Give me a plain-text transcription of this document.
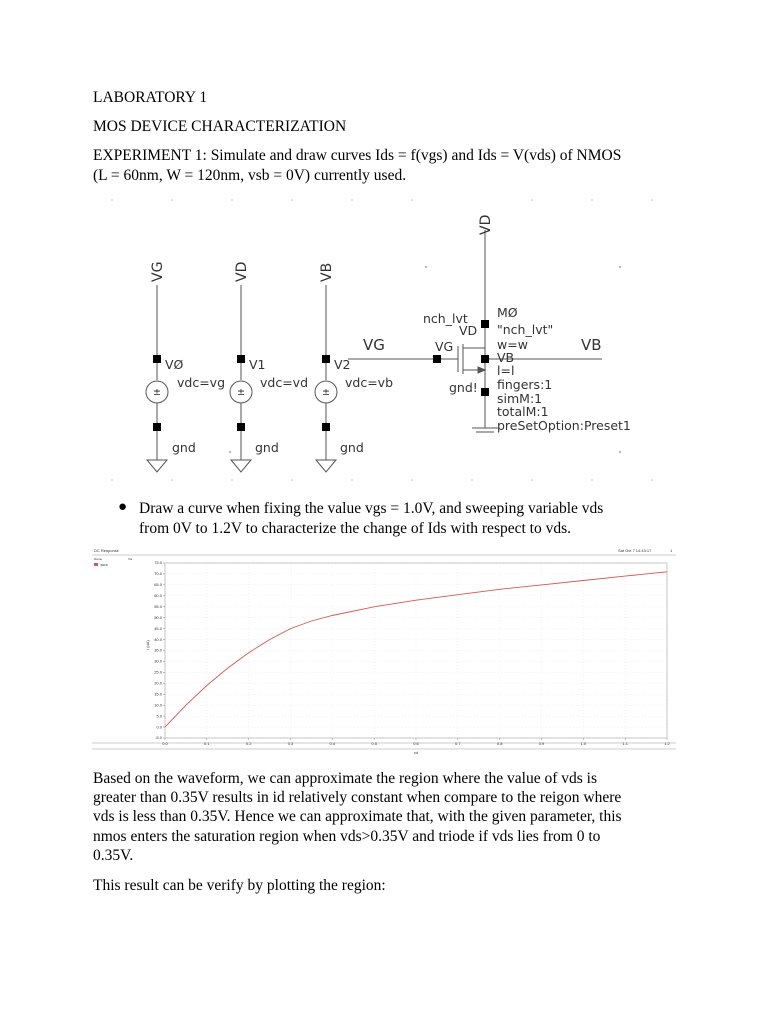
LABORATORY 1

MOS DEVICE CHARACTERIZATION

EXPERIMENT 1: Simulate and draw curves Ids = f(vgs) and Ids = V(vds) of NMOS

(L = 60nm, W = 120nm, vsb = 0V) currently used.

±	±	±
VG	VD	VB
VD
VØ	V1	V2
vdc=vg	vdc=vd	vdc=vb
gnd	gnd	gnd
nch_lvt
VD
VG
gnd!
MØ
"nch_lvt"
w=w
VB
l=l
fingers:1
simM:1
totalM:1
preSetOption:Preset1
VG	VB
● Draw a curve when fixing the value vgs = 1.0V, and sweeping variable vds

from 0V to 1.2V to characterize the change of Ids with respect to vds.

DC Response	Sat Oct 7 14:43:17	1
Name	Vis
/M0/D	75.0
70.0
65.0
60.0
55.0
50.0
45.0
40.0
35.0
30.0
25.0
20.0
15.0
10.0
5.0
0.0
-5.0
0.0	0.1	0.2	0.3	0.4	0.5	0.6	0.7	0.8	0.9	1.0	1.1	1.2
I (uA)
vd

Based on the waveform, we can approximate the region where the value of vds is

greater than 0.35V results in id relatively constant when compare to the reigon where

vds is less than 0.35V. Hence we can approximate that, with the given parameter, this

nmos enters the saturation region when vds>0.35V and triode if vds lies from 0 to

0.35V.

This result can be verify by plotting the region:
